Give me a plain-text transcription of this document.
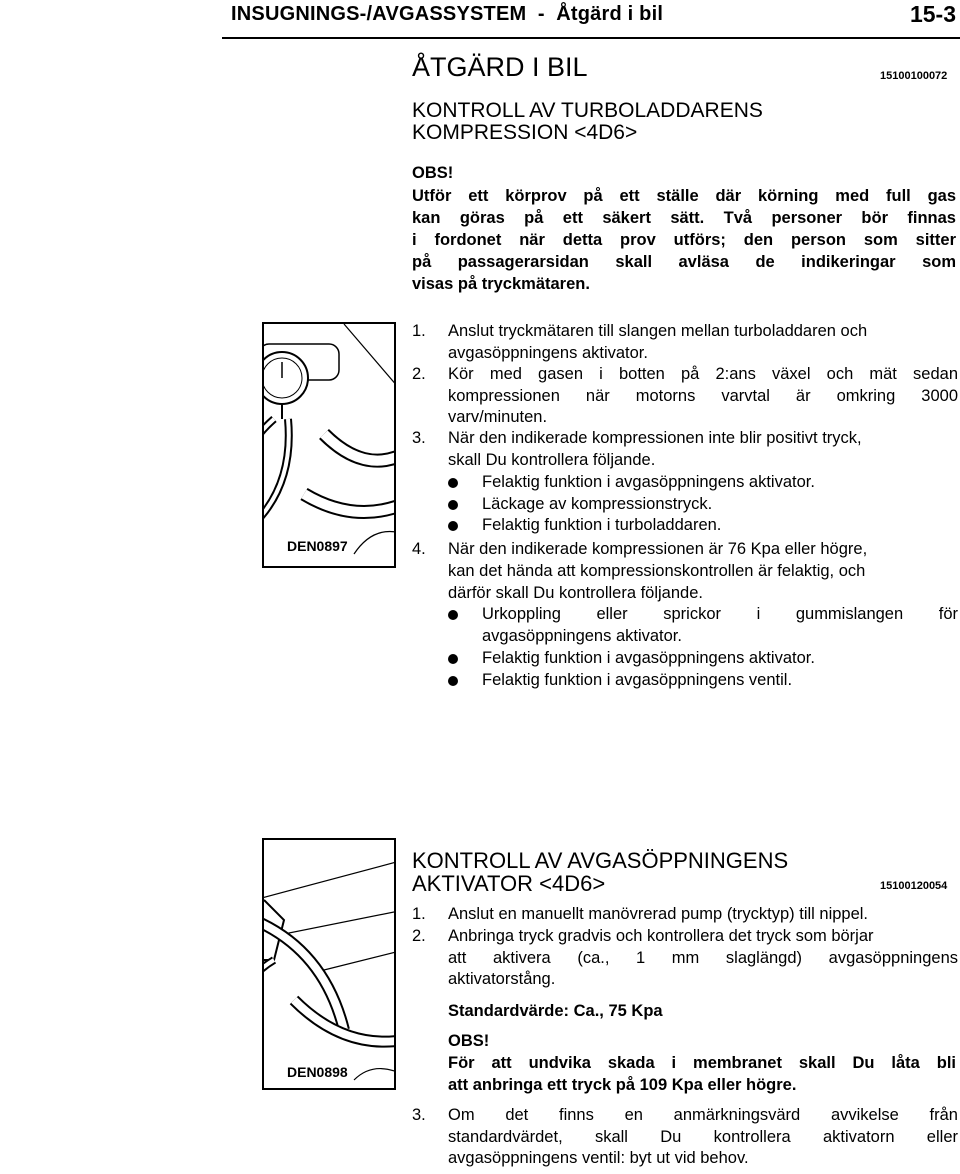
INSUGNINGS-/AVGASSYSTEM  -  Åtgärd i bil	15-3
ÅTGÄRD I BIL	15100100072
KONTROLL AV TURBOLADDARENS
KOMPRESSION <4D6>
OBS!
Utför ett körprov på ett ställe där körning med full gas
kan göras på ett säkert sätt. Två personer bör finnas
i fordonet när detta prov utförs; den person som sitter
på passagerarsidan skall avläsa de indikeringar som
visas på tryckmätaren.
DEN0897
1.	Anslut tryckmätaren till slangen mellan turboladdaren och
avgasöppningens aktivator.
2.	Kör med gasen i botten på 2:ans växel och mät sedan
kompressionen när motorns varvtal är omkring 3000
varv/minuten.
3.	När den indikerade kompressionen inte blir positivt tryck,
skall Du kontrollera följande.
Felaktig funktion i avgasöppningens aktivator.
Läckage av kompressionstryck.
Felaktig funktion i turboladdaren.
4.	När den indikerade kompressionen är 76 Kpa eller högre,
kan det hända att kompressionskontrollen är felaktig, och
därför skall Du kontrollera följande.
Urkoppling eller sprickor i gummislangen för
avgasöppningens aktivator.
Felaktig funktion i avgasöppningens aktivator.
Felaktig funktion i avgasöppningens ventil.
KONTROLL AV AVGASÖPPNINGENS
AKTIVATOR <4D6>	15100120054
DEN0898
1.	Anslut en manuellt manövrerad pump (trycktyp) till nippel.
2.	Anbringa tryck gradvis och kontrollera det tryck som börjar
att aktivera (ca., 1 mm slaglängd) avgasöppningens
aktivatorstång.
Standardvärde: Ca., 75 Kpa
OBS!
För att undvika skada i membranet skall Du låta bli
att anbringa ett tryck på 109 Kpa eller högre.
3.	Om det finns en anmärkningsvärd avvikelse från
standardvärdet, skall Du kontrollera aktivatorn eller
avgasöppningens ventil: byt ut vid behov.
